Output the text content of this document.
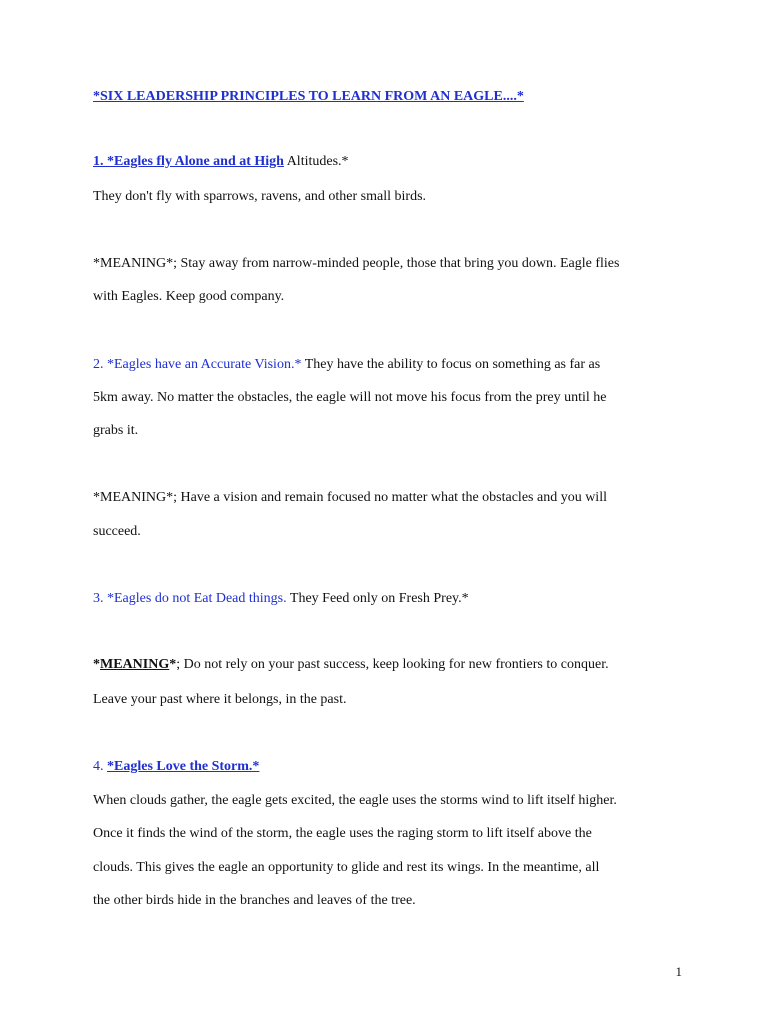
*SIX LEADERSHIP PRINCIPLES TO LEARN FROM AN EAGLE....*
1. *Eagles fly Alone and at High Altitudes.*
They don't fly with sparrows, ravens, and other small birds.
*MEANING*; Stay away from narrow-minded people, those that bring you down. Eagle flies
with Eagles. Keep good company.
2. *Eagles have an Accurate Vision.* They have the ability to focus on something as far as
5km away. No matter the obstacles, the eagle will not move his focus from the prey until he
grabs it.
*MEANING*; Have a vision and remain focused no matter what the obstacles and you will
succeed.
3. *Eagles do not Eat Dead things. They Feed only on Fresh Prey.*
*MEANING*; Do not rely on your past success, keep looking for new frontiers to conquer.
Leave your past where it belongs, in the past.
4. *Eagles Love the Storm.*
When clouds gather, the eagle gets excited, the eagle uses the storms wind to lift itself higher.
Once it finds the wind of the storm, the eagle uses the raging storm to lift itself above the
clouds. This gives the eagle an opportunity to glide and rest its wings. In the meantime, all
the other birds hide in the branches and leaves of the tree.
1
